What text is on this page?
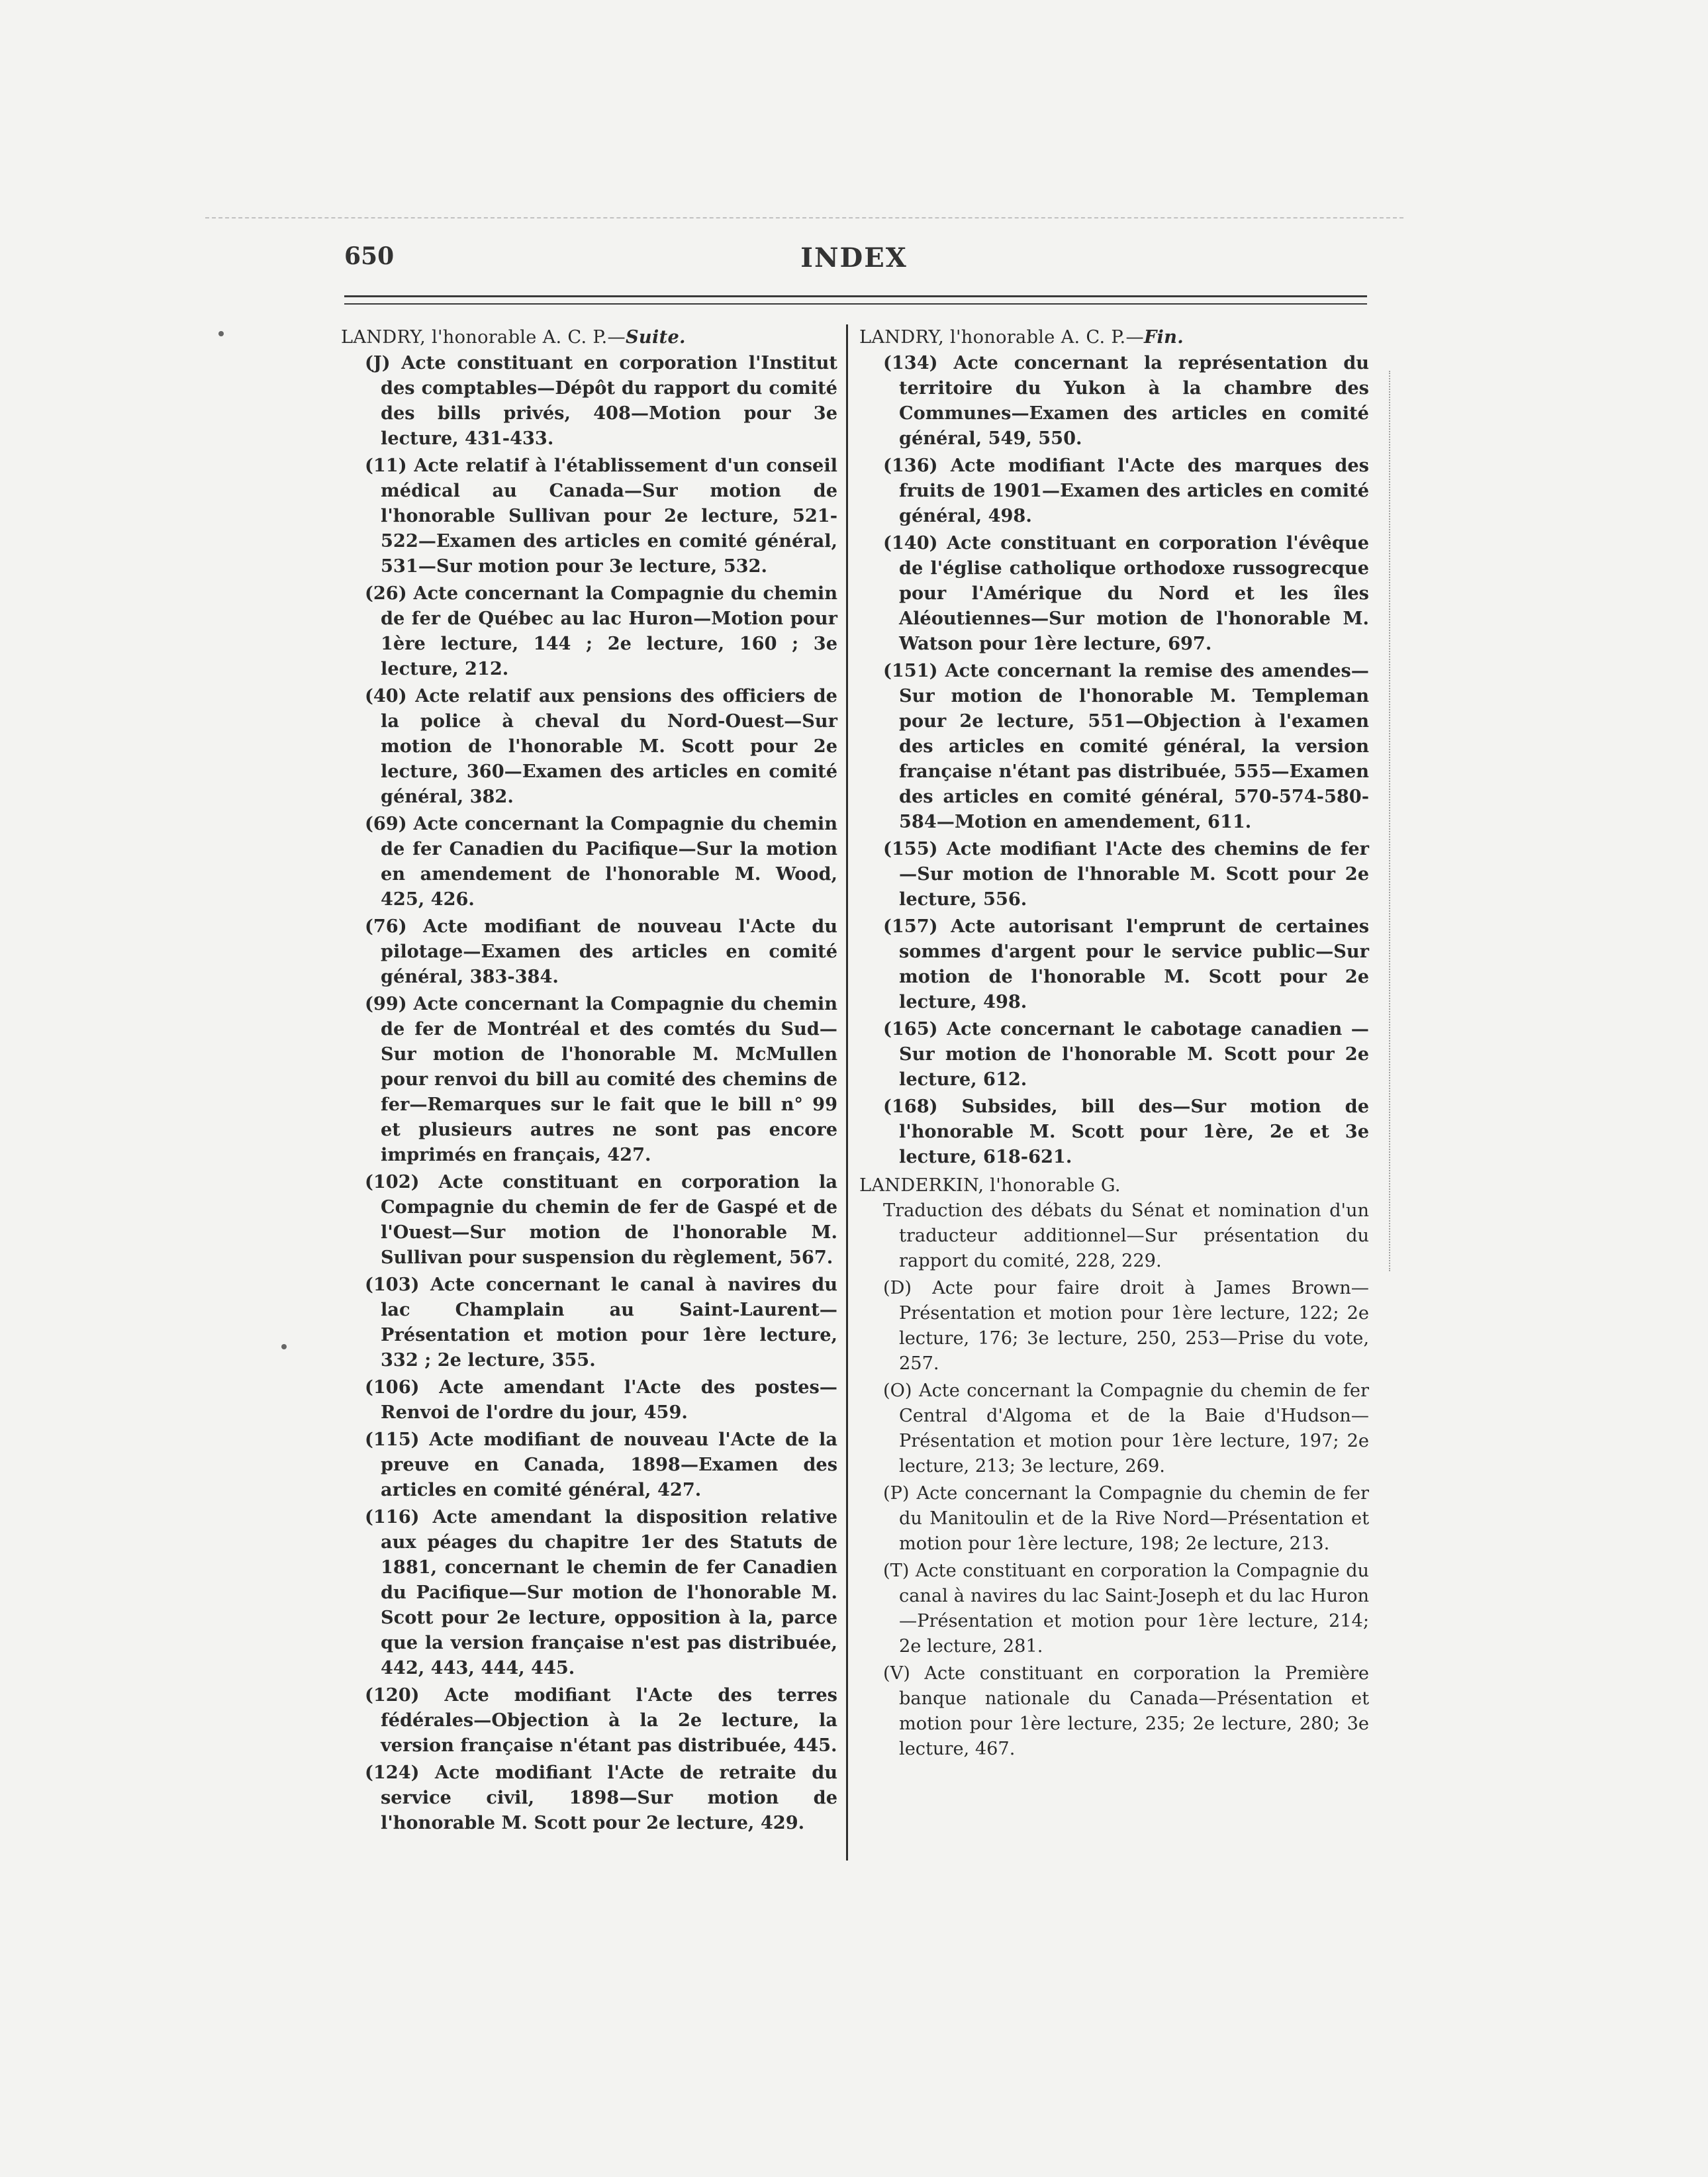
650	INDEX

LANDRY, l'honorable A. C. P.—Suite.

(J) Acte constituant en corporation l'Institut des comptables—Dépôt du rapport du comité des bills privés, 408—Motion pour 3e lecture, 431-433.

(11) Acte relatif à l'établissement d'un conseil médical au Canada—Sur motion de l'honorable Sullivan pour 2e lecture, 521-522—Examen des articles en comité général, 531—Sur motion pour 3e lecture, 532.

(26) Acte concernant la Compagnie du chemin de fer de Québec au lac Huron—Motion pour 1ère lecture, 144 ; 2e lecture, 160 ; 3e lecture, 212.

(40) Acte relatif aux pensions des officiers de la police à cheval du Nord-Ouest—Sur motion de l'honorable M. Scott pour 2e lecture, 360—Examen des articles en comité général, 382.

(69) Acte concernant la Compagnie du chemin de fer Canadien du Pacifique—Sur la motion en amendement de l'honorable M. Wood, 425, 426.

(76) Acte modifiant de nouveau l'Acte du pilotage—Examen des articles en comité général, 383-384.

(99) Acte concernant la Compagnie du chemin de fer de Montréal et des comtés du Sud—Sur motion de l'honorable M. McMullen pour renvoi du bill au comité des chemins de fer—Remarques sur le fait que le bill n° 99 et plusieurs autres ne sont pas encore imprimés en français, 427.

(102) Acte constituant en corporation la Compagnie du chemin de fer de Gaspé et de l'Ouest—Sur motion de l'honorable M. Sullivan pour suspension du règlement, 567.

(103) Acte concernant le canal à navires du lac Champlain au Saint-Laurent—Présentation et motion pour 1ère lecture, 332 ; 2e lecture, 355.

(106) Acte amendant l'Acte des postes—Renvoi de l'ordre du jour, 459.

(115) Acte modifiant de nouveau l'Acte de la preuve en Canada, 1898—Examen des articles en comité général, 427.

(116) Acte amendant la disposition relative aux péages du chapitre 1er des Statuts de 1881, concernant le chemin de fer Canadien du Pacifique—Sur motion de l'honorable M. Scott pour 2e lecture, opposition à la, parce que la version française n'est pas distribuée, 442, 443, 444, 445.

(120) Acte modifiant l'Acte des terres fédérales—Objection à la 2e lecture, la version française n'étant pas distribuée, 445.

(124) Acte modifiant l'Acte de retraite du service civil, 1898—Sur motion de l'honorable M. Scott pour 2e lecture, 429.

LANDRY, l'honorable A. C. P.—Fin.

(134) Acte concernant la représentation du territoire du Yukon à la chambre des Communes—Examen des articles en comité général, 549, 550.

(136) Acte modifiant l'Acte des marques des fruits de 1901—Examen des articles en comité général, 498.

(140) Acte constituant en corporation l'évêque de l'église catholique orthodoxe russogrecque pour l'Amérique du Nord et les îles Aléoutiennes—Sur motion de l'honorable M. Watson pour 1ère lecture, 697.

(151) Acte concernant la remise des amendes—Sur motion de l'honorable M. Templeman pour 2e lecture, 551—Objection à l'examen des articles en comité général, la version française n'étant pas distribuée, 555—Examen des articles en comité général, 570-574-580-584—Motion en amendement, 611.

(155) Acte modifiant l'Acte des chemins de fer—Sur motion de l'hnorable M. Scott pour 2e lecture, 556.

(157) Acte autorisant l'emprunt de certaines sommes d'argent pour le service public—Sur motion de l'honorable M. Scott pour 2e lecture, 498.

(165) Acte concernant le cabotage canadien —Sur motion de l'honorable M. Scott pour 2e lecture, 612.

(168) Subsides, bill des—Sur motion de l'honorable M. Scott pour 1ère, 2e et 3e lecture, 618-621.

LANDERKIN, l'honorable G.

Traduction des débats du Sénat et nomination d'un traducteur additionnel—Sur présentation du rapport du comité, 228, 229.

(D) Acte pour faire droit à James Brown—Présentation et motion pour 1ère lecture, 122; 2e lecture, 176; 3e lecture, 250, 253—Prise du vote, 257.

(O) Acte concernant la Compagnie du chemin de fer Central d'Algoma et de la Baie d'Hudson—Présentation et motion pour 1ère lecture, 197; 2e lecture, 213; 3e lecture, 269.

(P) Acte concernant la Compagnie du chemin de fer du Manitoulin et de la Rive Nord—Présentation et motion pour 1ère lecture, 198; 2e lecture, 213.

(T) Acte constituant en corporation la Compagnie du canal à navires du lac Saint-Joseph et du lac Huron—Présentation et motion pour 1ère lecture, 214; 2e lecture, 281.

(V) Acte constituant en corporation la Première banque nationale du Canada—Présentation et motion pour 1ère lecture, 235; 2e lecture, 280; 3e lecture, 467.
